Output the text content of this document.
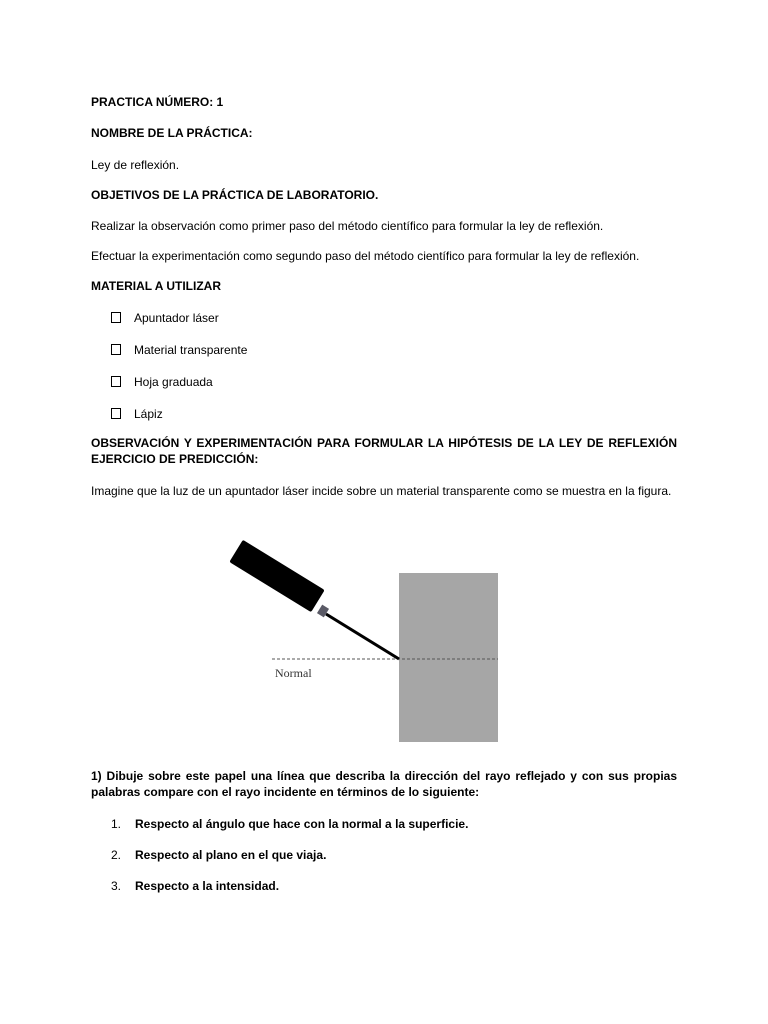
PRACTICA NÚMERO: 1
NOMBRE DE LA PRÁCTICA:
Ley de reflexión.
OBJETIVOS DE LA PRÁCTICA DE LABORATORIO.
Realizar la observación como primer paso del método científico para formular la ley de reflexión.
Efectuar la experimentación como segundo paso del método científico para formular la ley de reflexión.
MATERIAL A UTILIZAR
Apuntador láser
Material transparente
Hoja graduada
Lápiz
OBSERVACIÓN Y EXPERIMENTACIÓN PARA FORMULAR LA HIPÓTESIS DE LA LEY DE REFLEXIÓN EJERCICIO DE PREDICCIÓN:
Imagine que la luz de un apuntador láser incide sobre un material transparente como se muestra en la figura.
Normal
1) Dibuje sobre este papel una línea que describa la dirección del rayo reflejado y con sus propias palabras compare con el rayo incidente en términos de lo siguiente:
1. Respecto al ángulo que hace con la normal a la superficie.
2. Respecto al plano en el que viaja.
3. Respecto a la intensidad.
